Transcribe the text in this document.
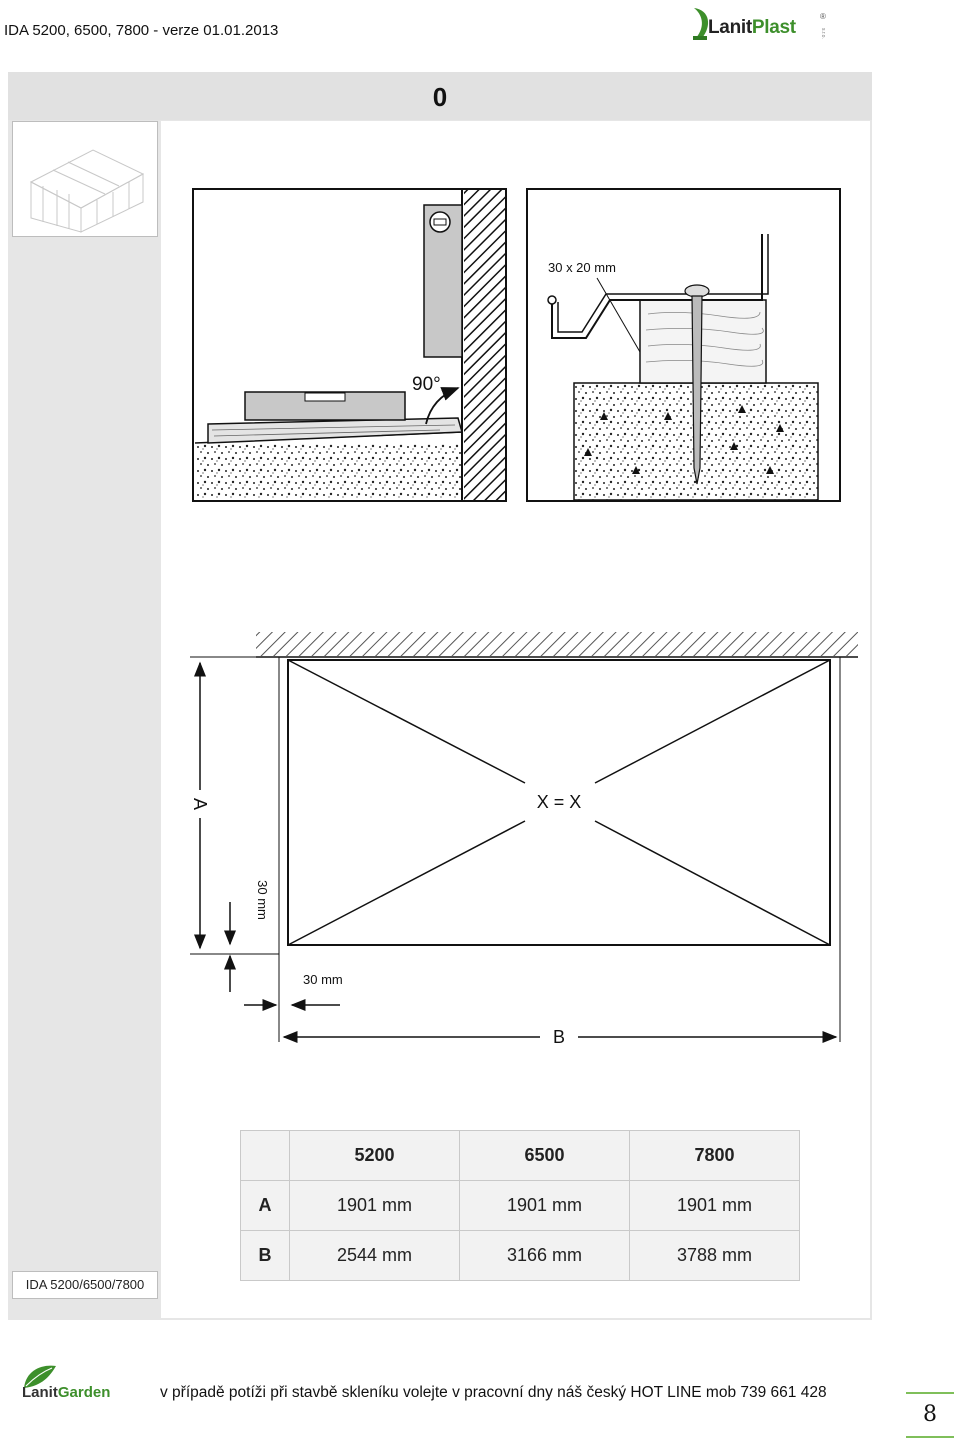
IDA 5200, 6500, 7800 - verze 01.01.2013	LanitPlast
®
s.r.o.
0
IDA 5200/6500/7800
90°
30 x 20 mm
X = X
A
30 mm
30 mm
B
	5200	6500	7800
A	1901 mm	1901 mm	1901 mm
B	2544 mm	3166 mm	3788 mm
LanitGarden	v případě potíži při stavbě skleníku volejte v pracovní dny náš český HOT LINE mob 739 661 428
8
